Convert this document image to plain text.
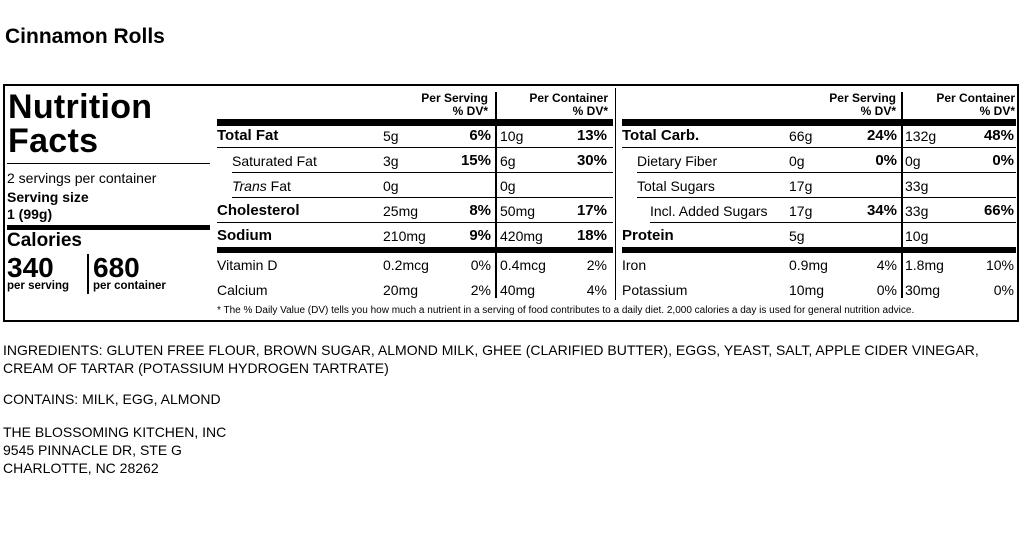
Cinnamon Rolls
Nutrition
Facts
2 servings per container
Serving size
1 (99g)
Calories
340 680
per serving per container
Per Serving
% DV*
Per Container
% DV*
Per Serving
% DV*
Per Container
% DV*
Total Fat	5g	6% 10g	13%
Saturated Fat	3g	15% 6g	30%
Trans Fat	0g	0g
Cholesterol	25mg	8% 50mg	17%
Sodium	210mg	9% 420mg	18%
Vitamin D	0.2mcg	0% 0.4mcg	2%
Calcium	20mg	2% 40mg	4%
Total Carb.	66g	24% 132g	48%
Dietary Fiber	0g	0% 0g	0%
Total Sugars	17g	33g
Incl. Added Sugars 17g	34% 33g	66%
Protein	5g	10g
Iron	0.9mg	4% 1.8mg	10%
Potassium	10mg	0% 30mg	0%
* The % Daily Value (DV) tells you how much a nutrient in a serving of food contributes to a daily diet. 2,000 calories a day is used for general nutrition advice.
INGREDIENTS: GLUTEN FREE FLOUR, BROWN SUGAR, ALMOND MILK, GHEE (CLARIFIED BUTTER), EGGS, YEAST, SALT, APPLE CIDER VINEGAR, CREAM OF TARTAR (POTASSIUM HYDROGEN TARTRATE)
CONTAINS: MILK, EGG, ALMOND
THE BLOSSOMING KITCHEN, INC
9545 PINNACLE DR, STE G
CHARLOTTE, NC 28262
